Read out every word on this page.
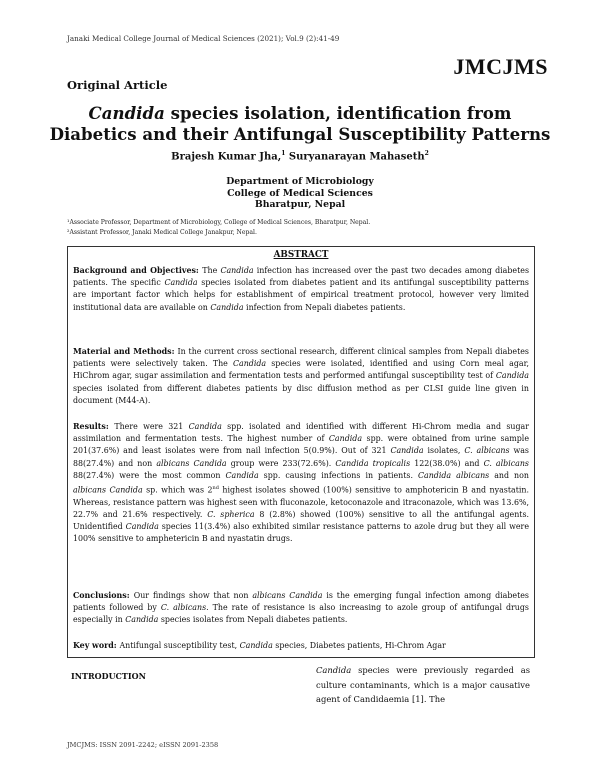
Janaki Medical College Journal of Medical Sciences (2021); Vol.9 (2):41-49
JMCJMS
Original Article
Candida species isolation, identification from
Diabetics and their Antifungal Susceptibility Patterns
Brajesh Kumar Jha,$^1$ Suryanarayan Mahaseth$^2$
Department of Microbiology
College of Medical Sciences
Bharatpur, Nepal
¹Associate Professor, Department of Microbiology, College of Medical Sciences, Bharatpur, Nepal.
²Assistant Professor, Janaki Medical College Janakpur, Nepal.
ABSTRACT
Background and Objectives: The Candida infection has increased over the past two decades among diabetes patients. The specific Candida species isolated from diabetes patient and its antifungal susceptibility patterns are important factor which helps for establishment of empirical treatment protocol, however very limited institutional data are available on Candida infection from Nepali diabetes patients.
Material and Methods: In the current cross sectional research, different clinical samples from Nepali diabetes patients were selectively taken. The Candida species were isolated, identified and using Corn meal agar, HiChrom agar, sugar assimilation and fermentation tests and performed antifungal susceptibility test of Candida species isolated from different diabetes patients by disc diffusion method as per CLSI guide line given in document (M44-A).
Results: There were 321 Candida spp. isolated and identified with different Hi-Chrom media and sugar assimilation and fermentation tests. The highest number of Candida spp. were obtained from urine sample 201(37.6%) and least isolates were from nail infection 5(0.9%). Out of 321 Candida isolates, C. albicans was 88(27.4%) and non albicans Candida group were 233(72.6%). Candida tropicalis 122(38.0%) and C. albicans 88(27.4%) were the most common Candida spp. causing infections in patients. Candida albicans and non albicans Candida sp. which was 2nd highest isolates showed (100%) sensitive to amphotericin B and nyastatin. Whereas, resistance pattern was highest seen with fluconazole, ketoconazole and itraconazole, which was 13.6%, 22.7% and 21.6% respectively. C. spherica 8 (2.8%) showed (100%) sensitive to all the antifungal agents. Unidentified Candida species 11(3.4%) also exhibited similar resistance patterns to azole drug but they all were 100% sensitive to amphetericin B and nyastatin drugs.
Conclusions: Our findings show that non albicans Candida is the emerging fungal infection among diabetes patients followed by C. albicans. The rate of resistance is also increasing to azole group of antifungal drugs especially in Candida species isolates from Nepali diabetes patients.
Key word: Antifungal susceptibility test, Candida species, Diabetes patients, Hi-Chrom Agar
INTRODUCTION
Candida species were previously regarded as culture contaminants, which is a major causative agent of Candidaemia [1]. The
JMCJMS: ISSN 2091-2242; eISSN 2091-2358
